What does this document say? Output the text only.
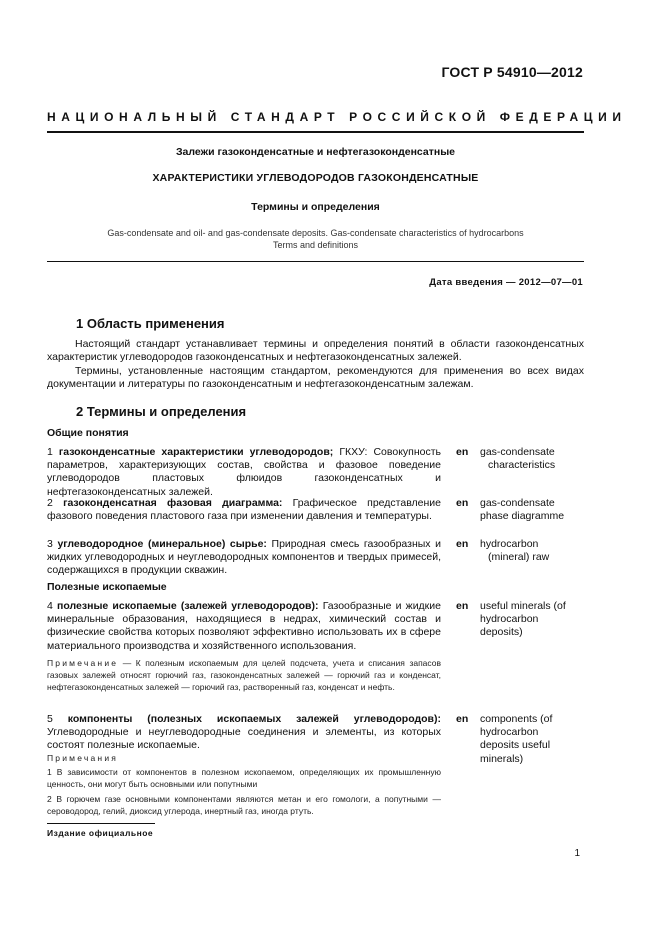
ГОСТ Р 54910—2012
НАЦИОНАЛЬНЫЙ СТАНДАРТ РОССИЙСКОЙ ФЕДЕРАЦИИ
Залежи газоконденсатные и нефтегазоконденсатные
ХАРАКТЕРИСТИКИ УГЛЕВОДОРОДОВ ГАЗОКОНДЕНСАТНЫЕ
Термины и определения
Gas-condensate and oil- and gas-condensate deposits. Gas-condensate characteristics of hydrocarbons
Terms and definitions
Дата введения — 2012—07—01
1 Область применения
Настоящий стандарт устанавливает термины и определения понятий в области газоконденсатных характеристик углеводородов газоконденсатных и нефтегазоконденсатных залежей.
Термины, установленные настоящим стандартом, рекомендуются для применения во всех видах документации и литературы по газоконденсатным и нефтегазоконденсатным залежам.
2 Термины и определения
Общие понятия
1 газоконденсатные характеристики углеводородов; ГКХУ: Совокупность параметров, характеризующих состав, свойства и фазовое поведение углеводородов пластовых флюидов газоконденсатных и нефтегазоконденсатных залежей.
en gas-condensate
characteristics
2 газоконденсатная фазовая диаграмма: Графическое представление фазового поведения пластового газа при изменении давления и температуры.
en gas-condensate
phase diagramme
3 углеводородное (минеральное) сырье: Природная смесь газообразных и жидких углеводородных и неуглеводородных компонентов и твердых примесей, содержащихся в продукции скважин.
en hydrocarbon
(mineral) raw
Полезные ископаемые
4 полезные ископаемые (залежей углеводородов): Газообразные и жидкие минеральные образования, находящиеся в недрах, химический состав и физические свойства которых позволяют эффективно использовать их в сфере материального производства и хозяйственного использования.
en useful minerals (of
hydrocarbon
deposits)
Примечание — К полезным ископаемым для целей подсчета, учета и списания запасов газовых залежей относят горючий газ, газоконденсатных залежей — горючий газ и конденсат, нефтегазоконденсатных залежей — горючий газ, растворенный газ, конденсат и нефть.
5 компоненты (полезных ископаемых залежей углеводородов): Углеводородные и неуглеводородные соединения и элементы, из которых состоят полезные ископаемые.
en components (of
hydrocarbon
deposits useful
minerals)
Примечания
1 В зависимости от компонентов в полезном ископаемом, определяющих их промышленную ценность, они могут быть основными или попутными
2 В горючем газе основными компонентами являются метан и его гомологи, а попутными — сероводород, гелий, диоксид углерода, инертный газ, иногда ртуть.
Издание официальное
1
